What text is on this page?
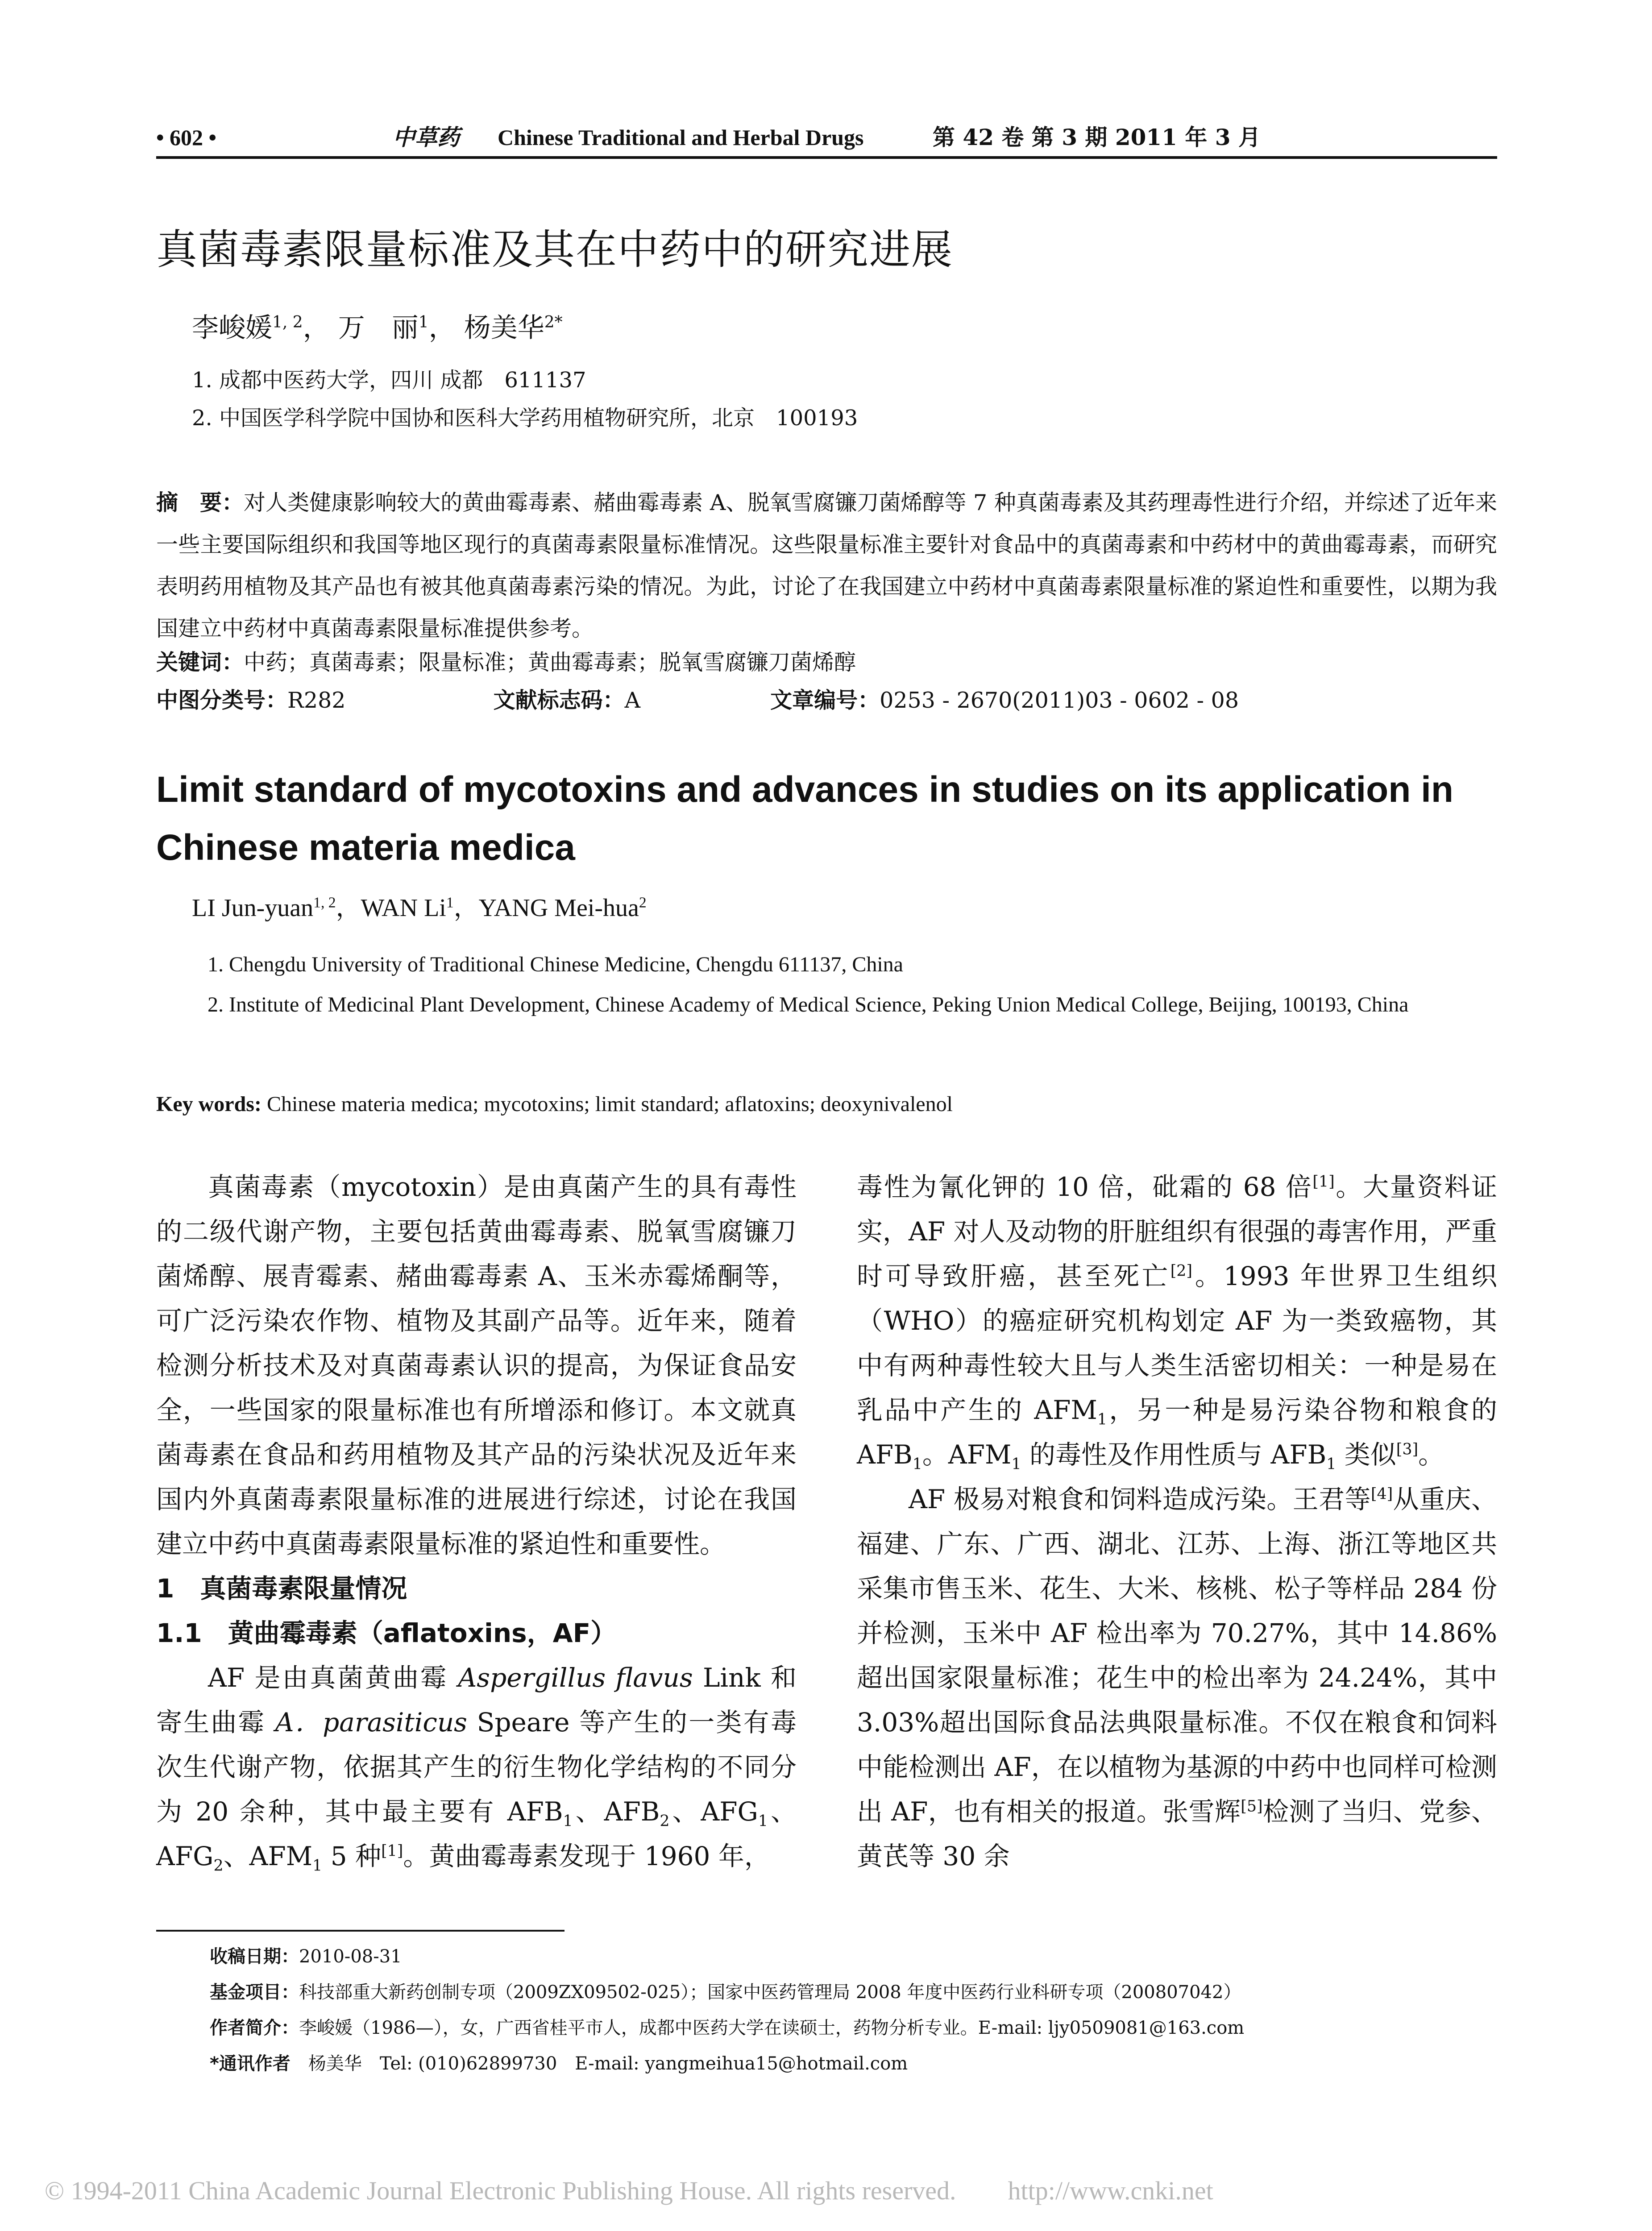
• 602 •	中草药 Chinese Traditional and Herbal Drugs	第 42 卷 第 3 期 2011 年 3 月
真菌毒素限量标准及其在中药中的研究进展
李峻媛$^{1, 2}$， 万　丽$^1$， 杨美华$^{2*}$
1. 成都中医药大学，四川 成都　611137
2. 中国医学科学院中国协和医科大学药用植物研究所，北京　100193

摘　要：对人类健康影响较大的黄曲霉毒素、赭曲霉毒素 A、脱氧雪腐镰刀菌烯醇等 7 种真菌毒素及其药理毒性进行介绍，并综述了近年来一些主要国际组织和我国等地区现行的真菌毒素限量标准情况。这些限量标准主要针对食品中的真菌毒素和中药材中的黄曲霉毒素，而研究表明药用植物及其产品也有被其他真菌毒素污染的情况。为此，讨论了在我国建立中药材中真菌毒素限量标准的紧迫性和重要性，以期为我国建立中药材中真菌毒素限量标准提供参考。

关键词：中药；真菌毒素；限量标准；黄曲霉毒素；脱氧雪腐镰刀菌烯醇
中图分类号：R282	文献标志码：A	文章编号：0253 - 2670(2011)03 - 0602 - 08
Limit standard of mycotoxins and advances in studies on its application in Chinese materia medica
LI Jun-yuan$^{1, 2}$，WAN Li$^1$，YANG Mei-hua$^2$
1. Chengdu University of Traditional Chinese Medicine, Chengdu 611137, China
2. Institute of Medicinal Plant Development, Chinese Academy of Medical Science, Peking Union Medical College, Beijing, 100193, China
Key words: Chinese materia medica; mycotoxins; limit standard; aflatoxins; deoxynivalenol

真菌毒素（mycotoxin）是由真菌产生的具有毒性的二级代谢产物，主要包括黄曲霉毒素、脱氧雪腐镰刀菌烯醇、展青霉素、赭曲霉毒素 A、玉米赤霉烯酮等，可广泛污染农作物、植物及其副产品等。近年来，随着检测分析技术及对真菌毒素认识的提高，为保证食品安全，一些国家的限量标准也有所增添和修订。本文就真菌毒素在食品和药用植物及其产品的污染状况及近年来国内外真菌毒素限量标准的进展进行综述，讨论在我国建立中药中真菌毒素限量标准的紧迫性和重要性。

1　真菌毒素限量情况

1.1　黄曲霉毒素（aflatoxins，AF）

AF 是由真菌黄曲霉 Aspergillus flavus Link 和寄生曲霉 A．parasiticus Speare 等产生的一类有毒次生代谢产物，依据其产生的衍生物化学结构的不同分为 20 余种，其中最主要有 $AFB_1$、$AFB_2$、$AFG_1$、$AFG_2$、$AFM_1$ 5 种[1]。黄曲霉毒素发现于 1960 年，

毒性为氰化钾的 10 倍，砒霜的 68 倍[1]。大量资料证实，AF 对人及动物的肝脏组织有很强的毒害作用，严重时可导致肝癌，甚至死亡[2]。1993 年世界卫生组织（WHO）的癌症研究机构划定 AF 为一类致癌物，其中有两种毒性较大且与人类生活密切相关：一种是易在乳品中产生的 $AFM_1$，另一种是易污染谷物和粮食的 $AFB_1$。$AFM_1$ 的毒性及作用性质与 $AFB_1$ 类似[3]。

AF 极易对粮食和饲料造成污染。王君等[4]从重庆、福建、广东、广西、湖北、江苏、上海、浙江等地区共采集市售玉米、花生、大米、核桃、松子等样品 284 份并检测，玉米中 AF 检出率为 70.27%，其中 14.86%超出国家限量标准；花生中的检出率为 24.24%，其中 3.03%超出国际食品法典限量标准。不仅在粮食和饲料中能检测出 AF，在以植物为基源的中药中也同样可检测出 AF，也有相关的报道。张雪辉[5]检测了当归、党参、黄芪等 30 余

收稿日期：2010-08-31
基金项目：科技部重大新药创制专项（2009ZX09502-025）；国家中医药管理局 2008 年度中医药行业科研专项（200807042）
作者简介：李峻媛（1986—），女，广西省桂平市人，成都中医药大学在读硕士，药物分析专业。E-mail: ljy0509081@163.com
*通讯作者　 杨美华　Tel: (010)62899730　E-mail: yangmeihua15@hotmail.com
© 1994-2011 China Academic Journal Electronic Publishing House. All rights reserved.　　http://www.cnki.net
